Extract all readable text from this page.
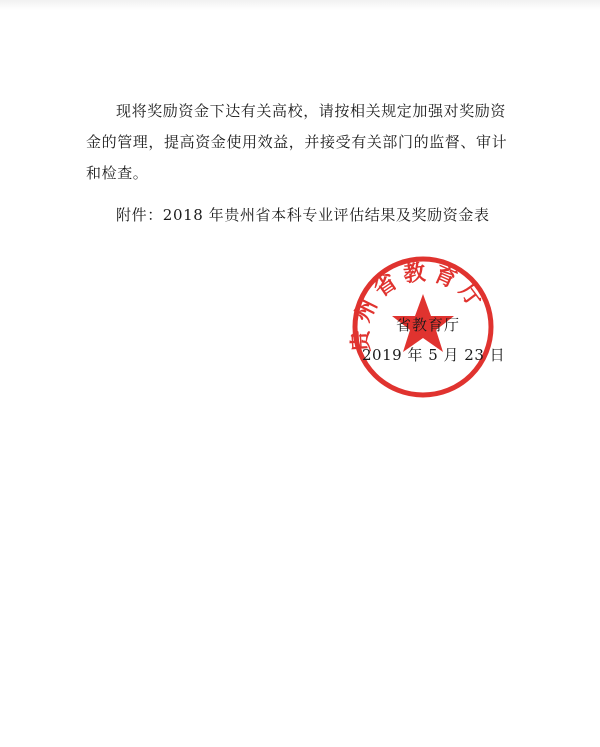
现将奖励资金下达有关高校，请按相关规定加强对奖励资
金的管理，提高资金使用效益，并接受有关部门的监督、审计
和检查。

附件：2018 年贵州省本科专业评估结果及奖励资金表
贵州省教育厅
省教育厅
2019 年 5 月 23 日
